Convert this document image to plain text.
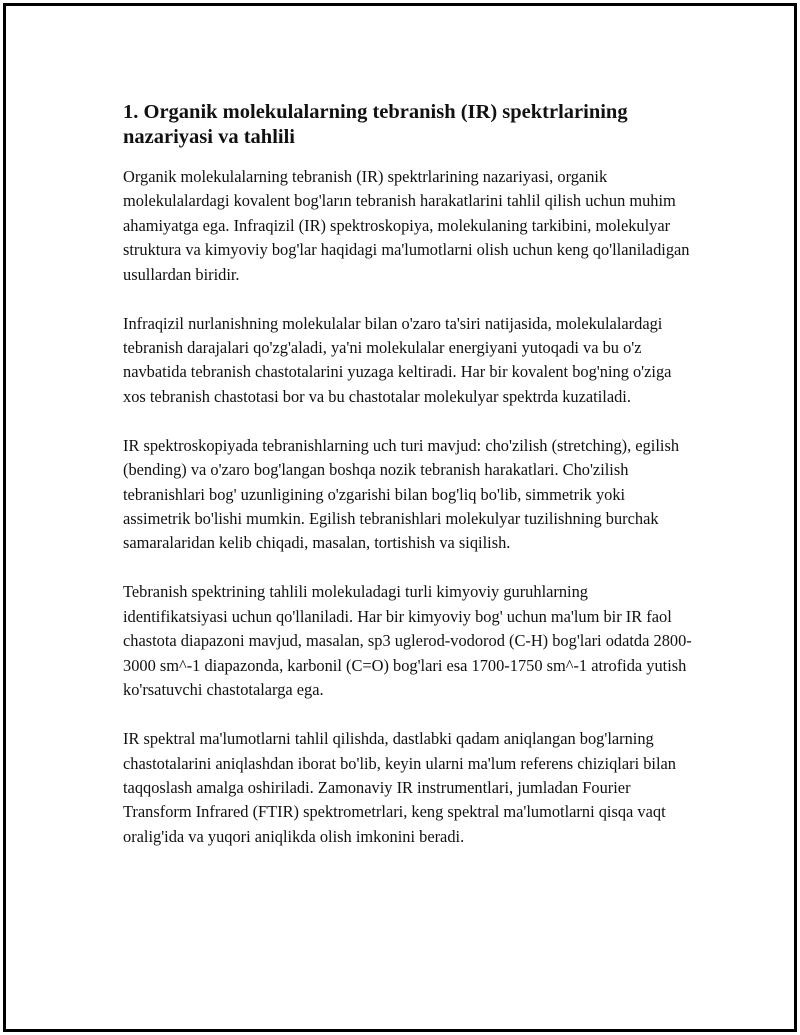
1. Organik molekulalarning tebranish (IR) spektrlarining nazariyasi va tahlili

Organik molekulalarning tebranish (IR) spektrlarining nazariyasi, organik molekulalardagi kovalent bog'ların tebranish harakatlarini tahlil qilish uchun muhim ahamiyatga ega. Infraqizil (IR) spektroskopiya, molekulaning tarkibini, molekulyar struktura va kimyoviy bog'lar haqidagi ma'lumotlarni olish uchun keng qo'llaniladigan usullardan biridir.

Infraqizil nurlanishning molekulalar bilan o'zaro ta'siri natijasida, molekulalardagi tebranish darajalari qo'zg'aladi, ya'ni molekulalar energiyani yutoqadi va bu o'z navbatida tebranish chastotalarini yuzaga keltiradi. Har bir kovalent bog'ning o'ziga xos tebranish chastotasi bor va bu chastotalar molekulyar spektrda kuzatiladi.

IR spektroskopiyada tebranishlarning uch turi mavjud: cho'zilish (stretching), egilish (bending) va o'zaro bog'langan boshqa nozik tebranish harakatlari. Cho'zilish tebranishlari bog' uzunligining o'zgarishi bilan bog'liq bo'lib, simmetrik yoki assimetrik bo'lishi mumkin. Egilish tebranishlari molekulyar tuzilishning burchak samaralaridan kelib chiqadi, masalan, tortishish va siqilish.

Tebranish spektrining tahlili molekuladagi turli kimyoviy guruhlarning identifikatsiyasi uchun qo'llaniladi. Har bir kimyoviy bog' uchun ma'lum bir IR faol chastota diapazoni mavjud, masalan, sp3 uglerod-vodorod (C-H) bog'lari odatda 2800-3000 sm^-1 diapazonda, karbonil (C=O) bog'lari esa 1700-1750 sm^-1 atrofida yutish ko'rsatuvchi chastotalarga ega.

IR spektral ma'lumotlarni tahlil qilishda, dastlabki qadam aniqlangan bog'larning chastotalarini aniqlashdan iborat bo'lib, keyin ularni ma'lum referens chiziqlari bilan taqqoslash amalga oshiriladi. Zamonaviy IR instrumentlari, jumladan Fourier Transform Infrared (FTIR) spektrometrlari, keng spektral ma'lumotlarni qisqa vaqt oralig'ida va yuqori aniqlikda olish imkonini beradi.
